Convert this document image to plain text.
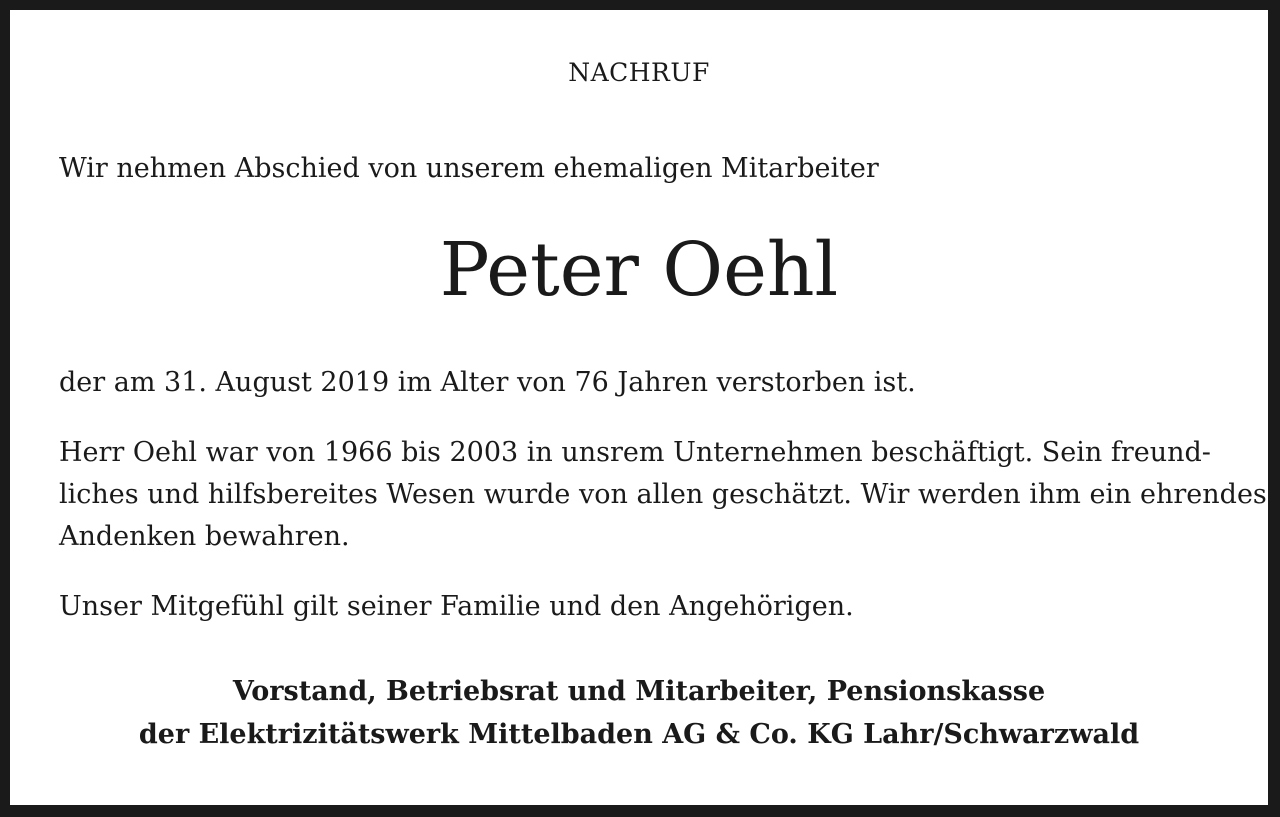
NACHRUF
Wir nehmen Abschied von unserem ehemaligen Mitarbeiter
Peter Oehl
der am 31. August 2019 im Alter von 76 Jahren verstorben ist.
Herr Oehl war von 1966 bis 2003 in unsrem Unternehmen beschäftigt. Sein freund-
liches und hilfsbereites Wesen wurde von allen geschätzt. Wir werden ihm ein ehrendes
Andenken bewahren.
Unser Mitgefühl gilt seiner Familie und den Angehörigen.
Vorstand, Betriebsrat und Mitarbeiter, Pensionskasse
der Elektrizitätswerk Mittelbaden AG & Co. KG Lahr/Schwarzwald
